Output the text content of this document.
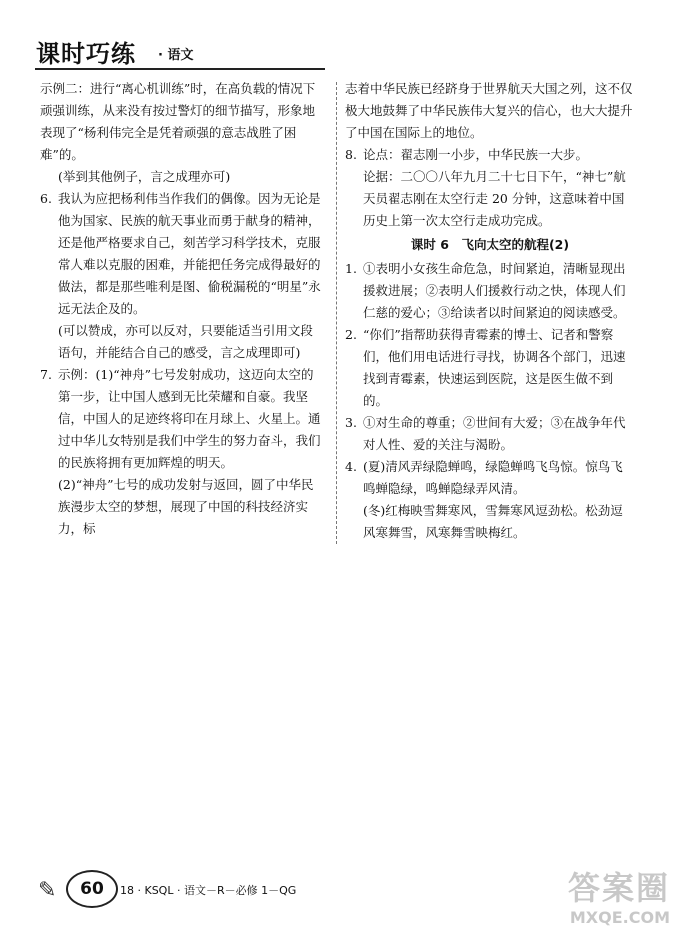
课时巧练 · 语文

示例二：进行“离心机训练”时，在高负载的情况下顽强训练，从来没有按过警灯的细节描写，形象地表现了“杨利伟完全是凭着顽强的意志战胜了困难”的。

(举到其他例子，言之成理亦可)

6. 我认为应把杨利伟当作我们的偶像。因为无论是他为国家、民族的航天事业而勇于献身的精神，还是他严格要求自己，刻苦学习科学技术，克服常人难以克服的困难，并能把任务完成得最好的做法，都是那些唯利是图、偷税漏税的“明星”永远无法企及的。

(可以赞成，亦可以反对，只要能适当引用文段语句，并能结合自己的感受，言之成理即可)

7. 示例：(1)“神舟”七号发射成功，这迈向太空的第一步，让中国人感到无比荣耀和自豪。我坚信，中国人的足迹终将印在月球上、火星上。通过中华儿女特别是我们中学生的努力奋斗，我们的民族将拥有更加辉煌的明天。

(2)“神舟”七号的成功发射与返回，圆了中华民族漫步太空的梦想，展现了中国的科技经济实力，标

志着中华民族已经跻身于世界航天大国之列，这不仅极大地鼓舞了中华民族伟大复兴的信心，也大大提升了中国在国际上的地位。

8. 论点：翟志刚一小步，中华民族一大步。

论据：二〇〇八年九月二十七日下午，“神七”航天员翟志刚在太空行走 20 分钟，这意味着中国历史上第一次太空行走成功完成。

课时 6　飞向太空的航程(2)

1. ①表明小女孩生命危急，时间紧迫，清晰显现出援救进展；②表明人们援救行动之快，体现人们仁慈的爱心；③给读者以时间紧迫的阅读感受。

2. “你们”指帮助获得青霉素的博士、记者和警察们，他们用电话进行寻找，协调各个部门，迅速找到青霉素，快速运到医院，这是医生做不到的。

3. ①对生命的尊重；②世间有大爱；③在战争年代对人性、爱的关注与渴盼。

4. (夏)清风弄绿隐蝉鸣，绿隐蝉鸣飞鸟惊。惊鸟飞鸣蝉隐绿，鸣蝉隐绿弄风清。

(冬)红梅映雪舞寒风，雪舞寒风逗劲松。松劲逗风寒舞雪，风寒舞雪映梅红。

✎	60	18 · KSQL · 语文－R－必修 1－QG	答案圈
MXQE.COM
